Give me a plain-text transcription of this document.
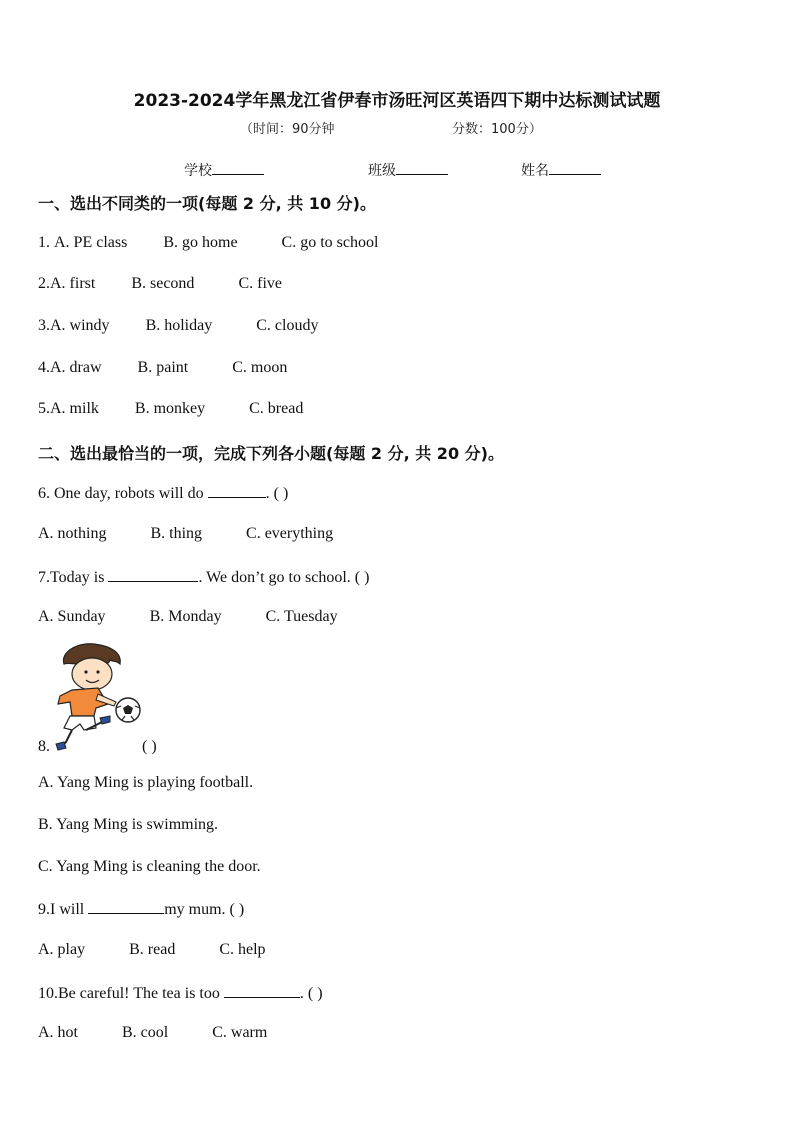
2023-2024学年黑龙江省伊春市汤旺河区英语四下期中达标测试试题
（时间：90分钟	分数：100分）
学校	班级	姓名
一、选出不同类的一项(每题 2 分, 共 10 分)。
1. A. PE class B. go home	C. go to school
2.A. first B. second	C. five
3.A. windy B. holiday	C. cloudy
4.A. draw B. paint	C. moon
5.A. milk B. monkey	C. bread
二、选出最恰当的一项，完成下列各小题(每题 2 分, 共 20 分)。
6. One day, robots will do	. ( )
A. nothing	B. thing	C. everything
7.Today is	. We don’t go to school. ( )
A. Sunday	B. Monday	C. Tuesday
8.	( )
A. Yang Ming is playing football.
B. Yang Ming is swimming.
C. Yang Ming is cleaning the door.
9.I will	my mum. ( )
A. play	B. read	C. help
10.Be careful! The tea is too	. ( )
A. hot	B. cool	C. warm
